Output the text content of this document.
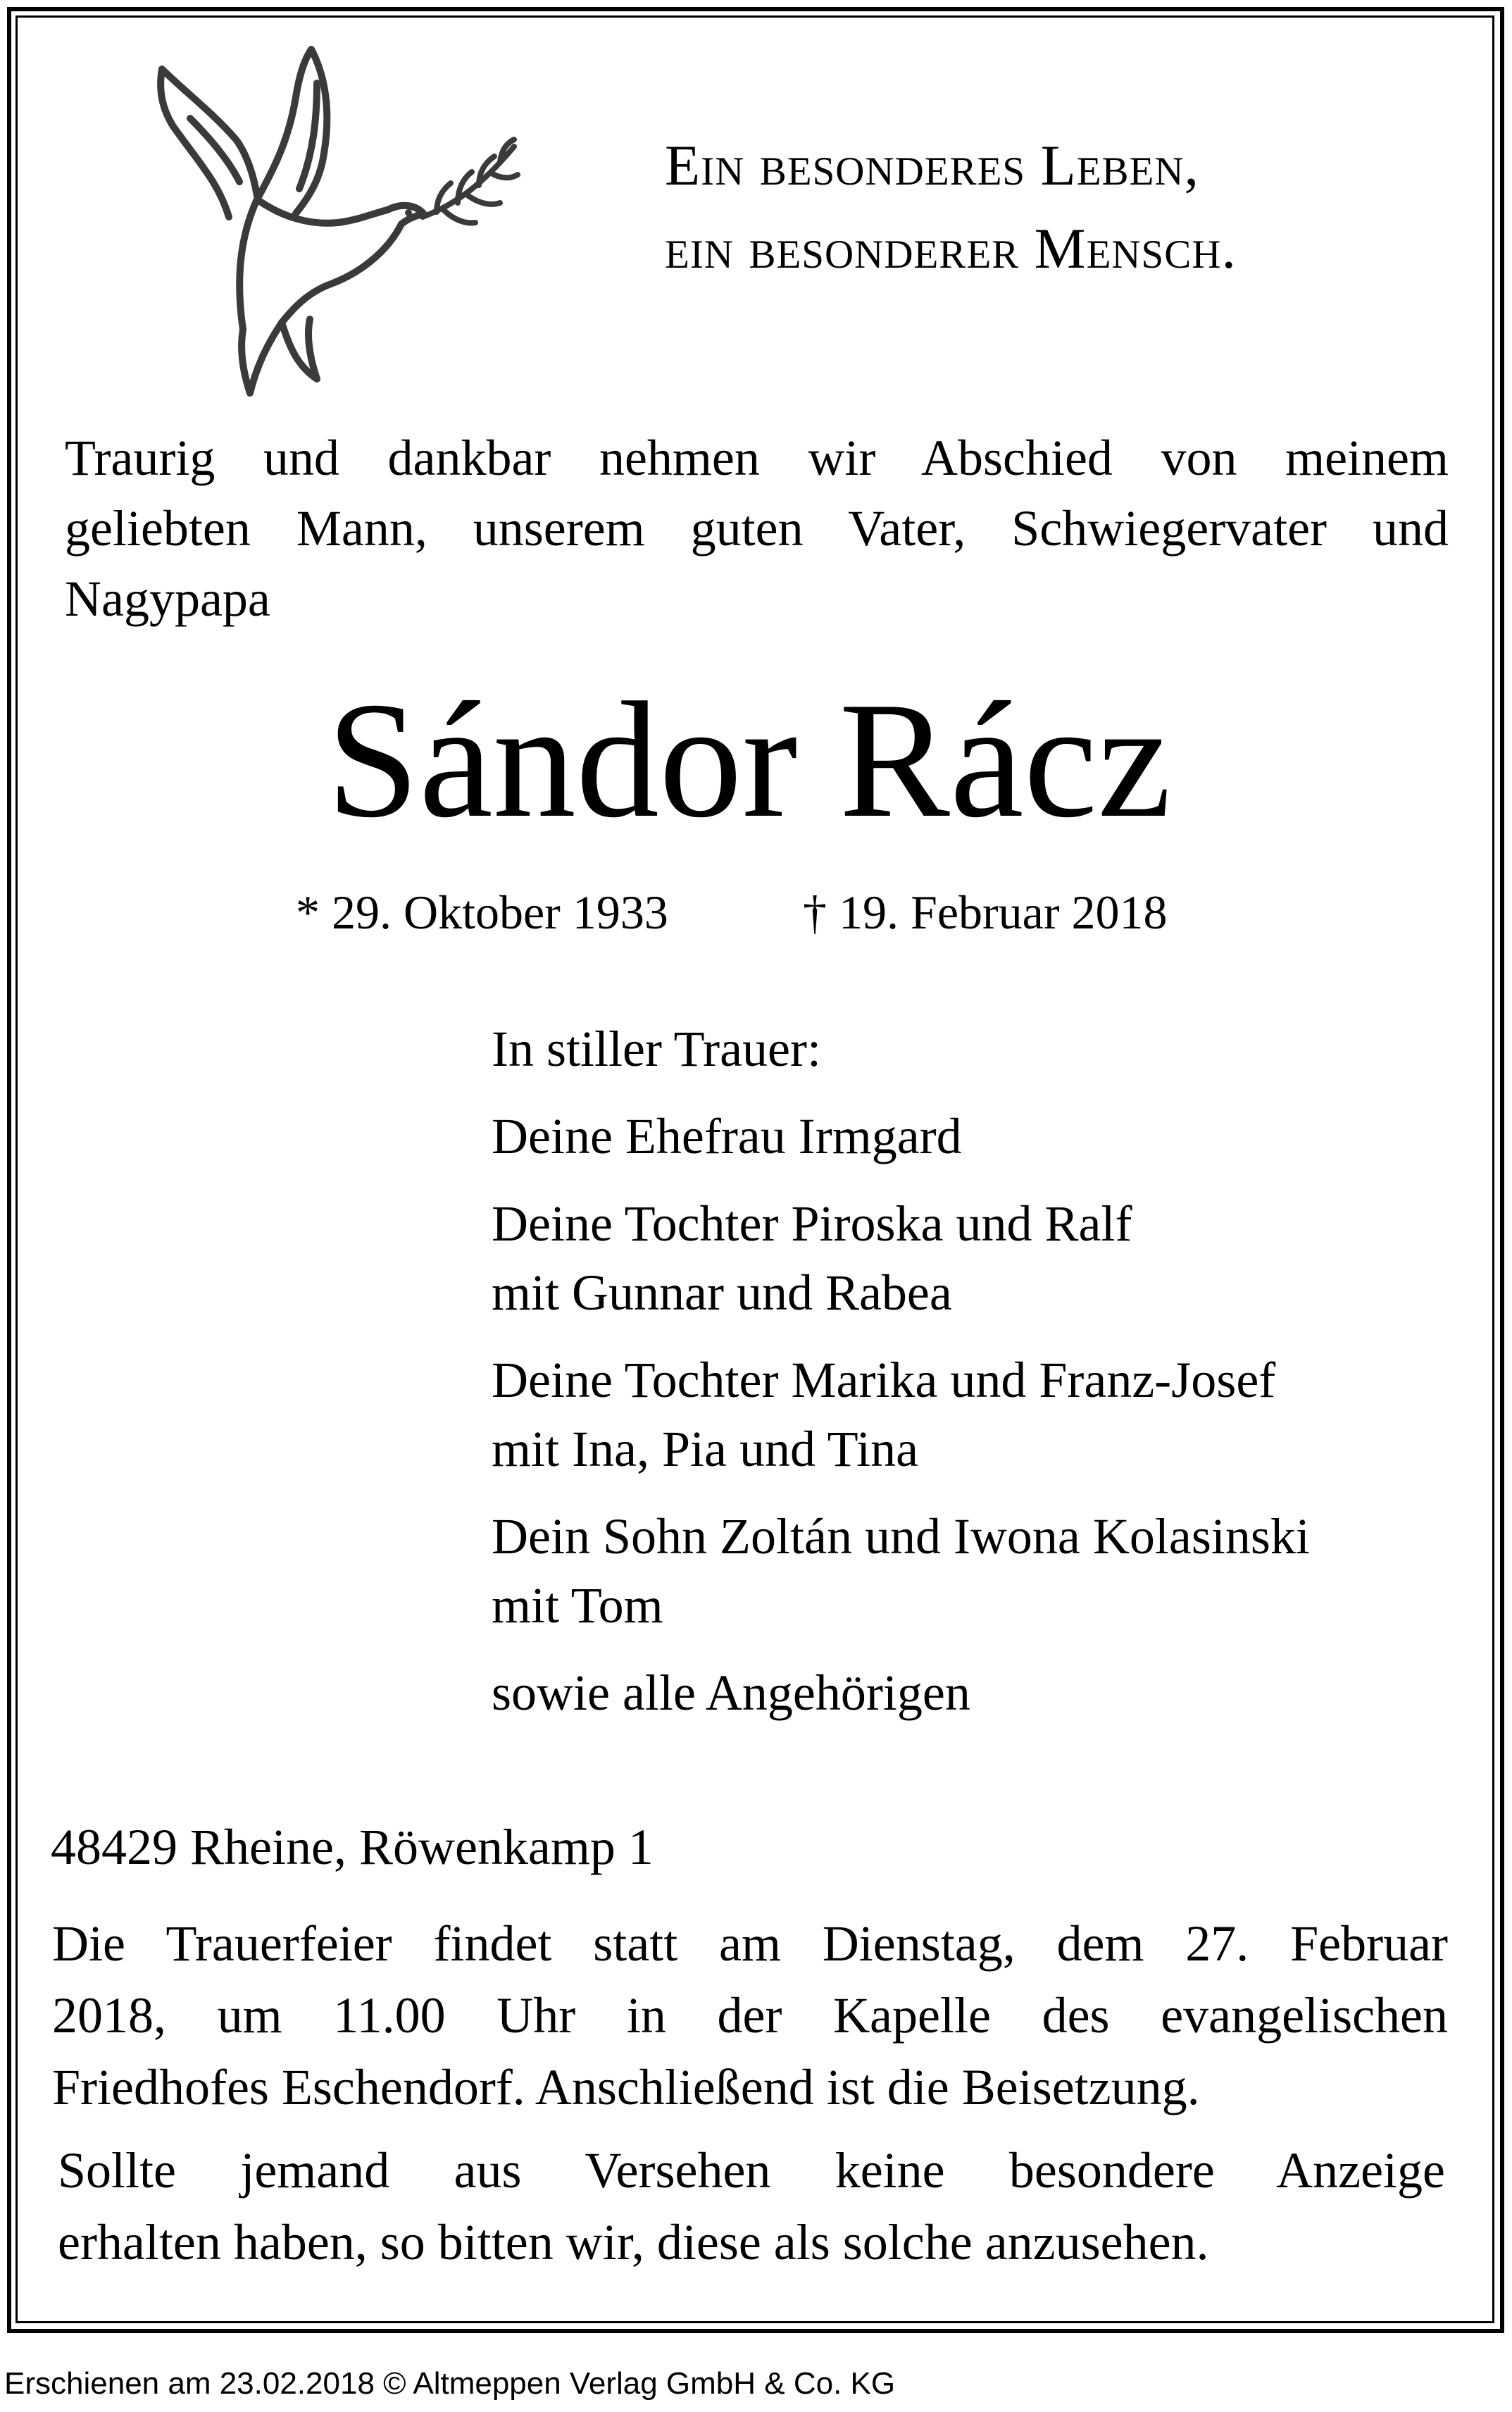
Ein besonderes Leben,
ein besonderer Mensch.
Traurig und dankbar nehmen wir Abschied von meinem
geliebten Mann, unserem guten Vater, Schwiegervater und
Nagypapa
Sándor Rácz
* 29. Oktober 1933	† 19. Februar 2018
In stiller Trauer:
Deine Ehefrau Irmgard
Deine Tochter Piroska und Ralf
mit Gunnar und Rabea
Deine Tochter Marika und Franz-Josef
mit Ina, Pia und Tina
Dein Sohn Zoltán und Iwona Kolasinski
mit Tom
sowie alle Angehörigen
48429 Rheine, Röwenkamp 1
Die Trauerfeier findet statt am Dienstag, dem 27. Februar
2018, um 11.00 Uhr in der Kapelle des evangelischen
Friedhofes Eschendorf. Anschließend ist die Beisetzung.
Sollte jemand aus Versehen keine besondere Anzeige
erhalten haben, so bitten wir, diese als solche anzusehen.
Erschienen am 23.02.2018 © Altmeppen Verlag GmbH & Co. KG
